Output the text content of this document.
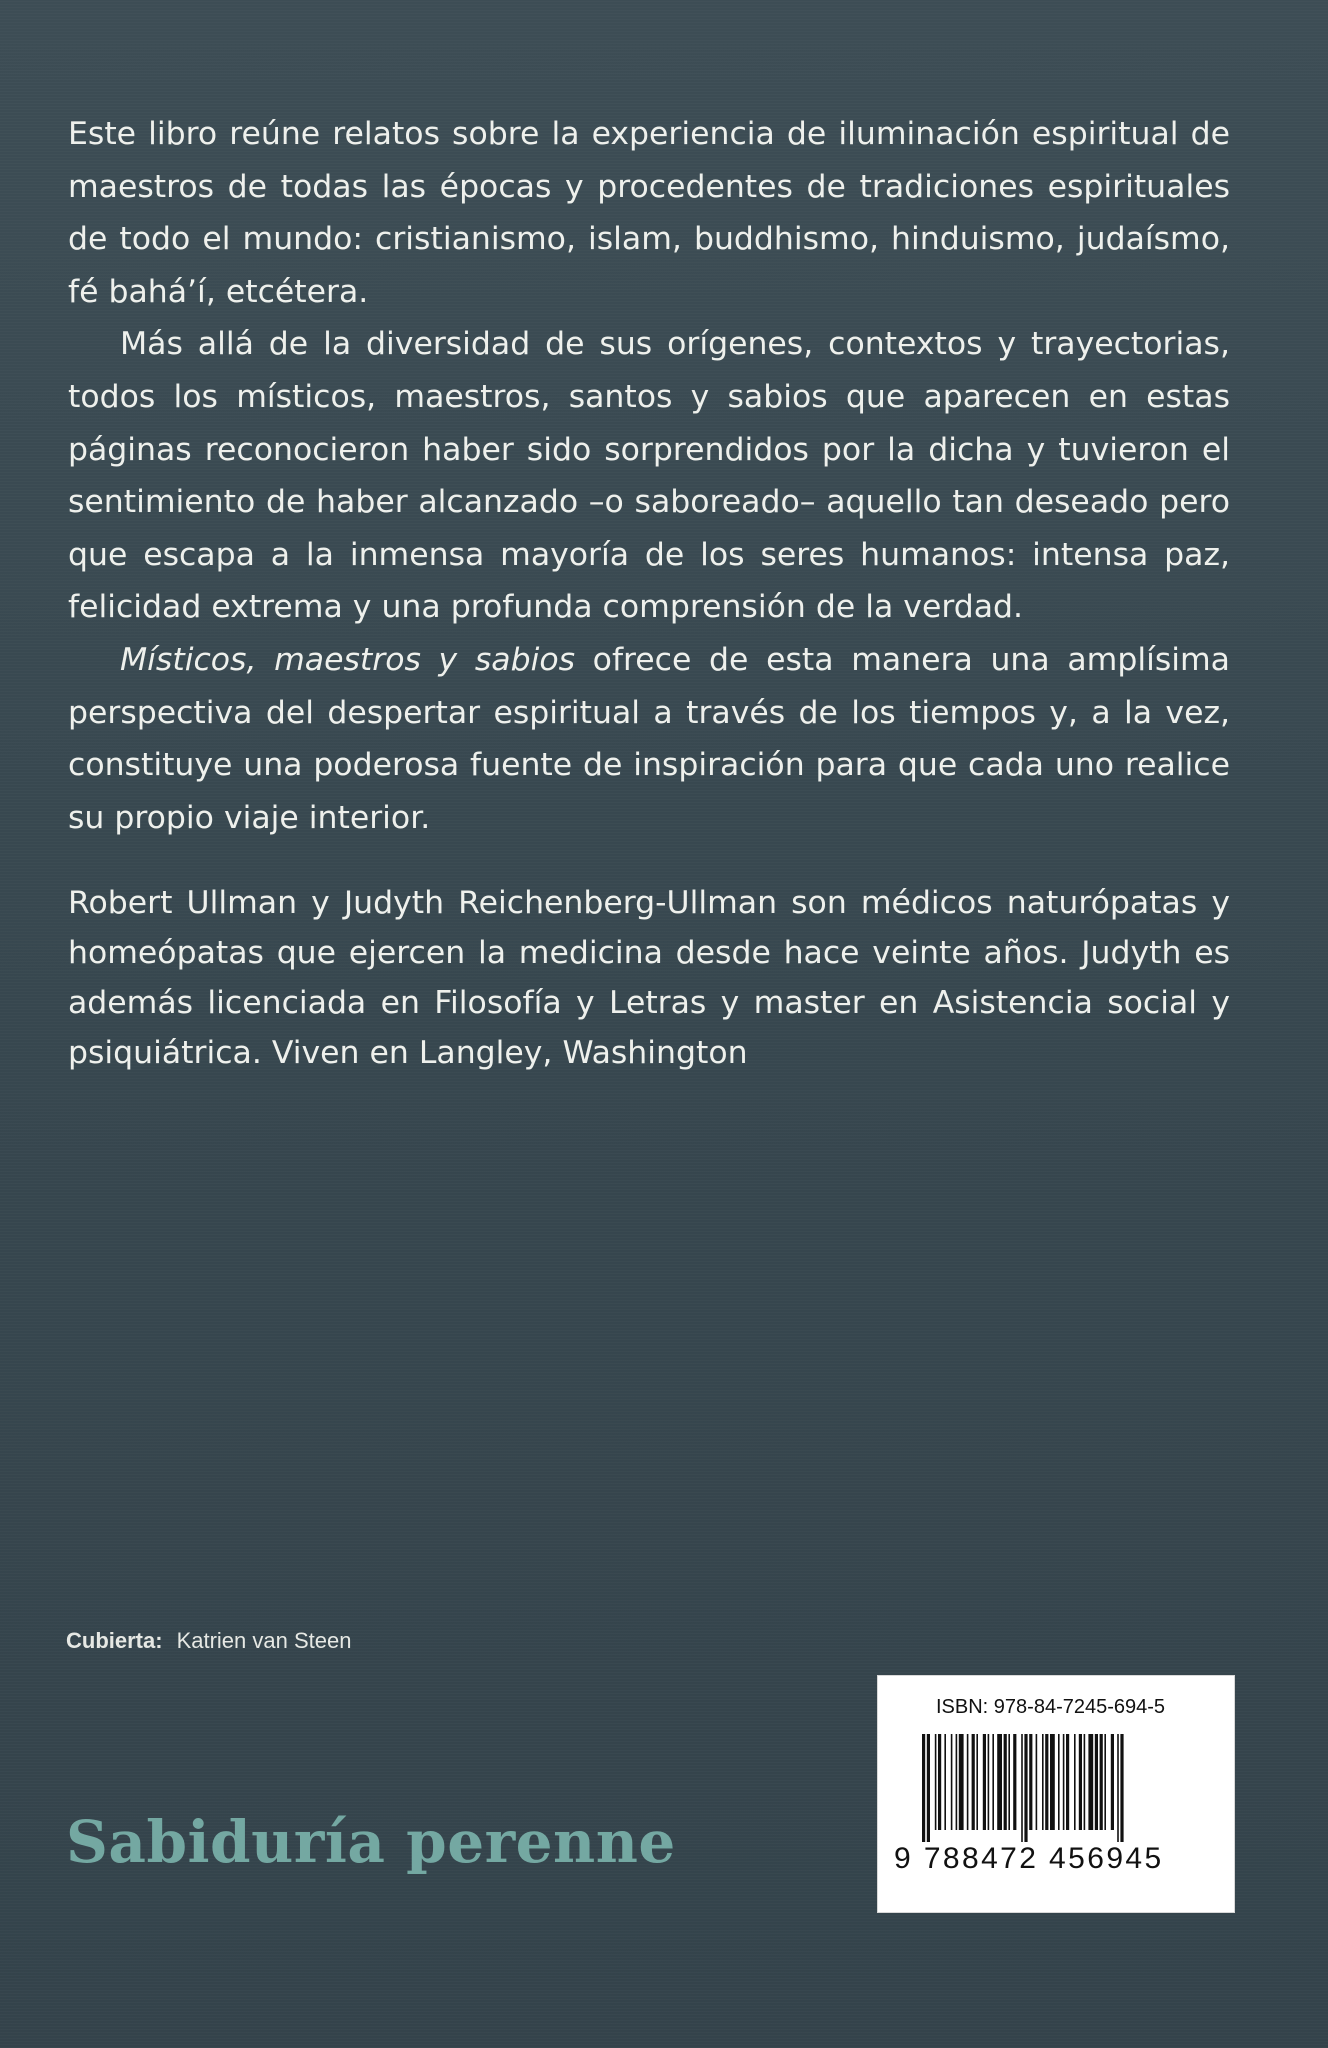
Este libro reúne relatos sobre la experiencia de iluminación espiritual de maestros de todas las épocas y procedentes de tradiciones espirituales de todo el mundo: cristianismo, islam, buddhismo, hinduismo, judaísmo, fé bahá’í, etcétera.

Más allá de la diversidad de sus orígenes, contextos y trayectorias, todos los místicos, maestros, santos y sabios que aparecen en estas páginas reconocieron haber sido sorprendidos por la dicha y tuvieron el sentimiento de haber alcanzado –o saboreado– aquello tan deseado pero que escapa a la inmensa mayoría de los seres humanos: intensa paz, felicidad extrema y una profunda comprensión de la verdad.

Místicos, maestros y sabios ofrece de esta manera una amplísima perspectiva del despertar espiritual a través de los tiempos y, a la vez, constituye una poderosa fuente de inspiración para que cada uno realice su propio viaje interior.

Robert Ullman y Judyth Reichenberg-Ullman son médicos naturópatas y homeópatas que ejercen la medicina desde hace veinte años. Judyth es además licenciada en Filosofía y Letras y master en Asistencia social y psiquiátrica. Viven en Langley, Washington

Cubierta: Katrien van Steen
Sabiduría perenne
ISBN: 978-84-7245-694-5
9 788472 456945
